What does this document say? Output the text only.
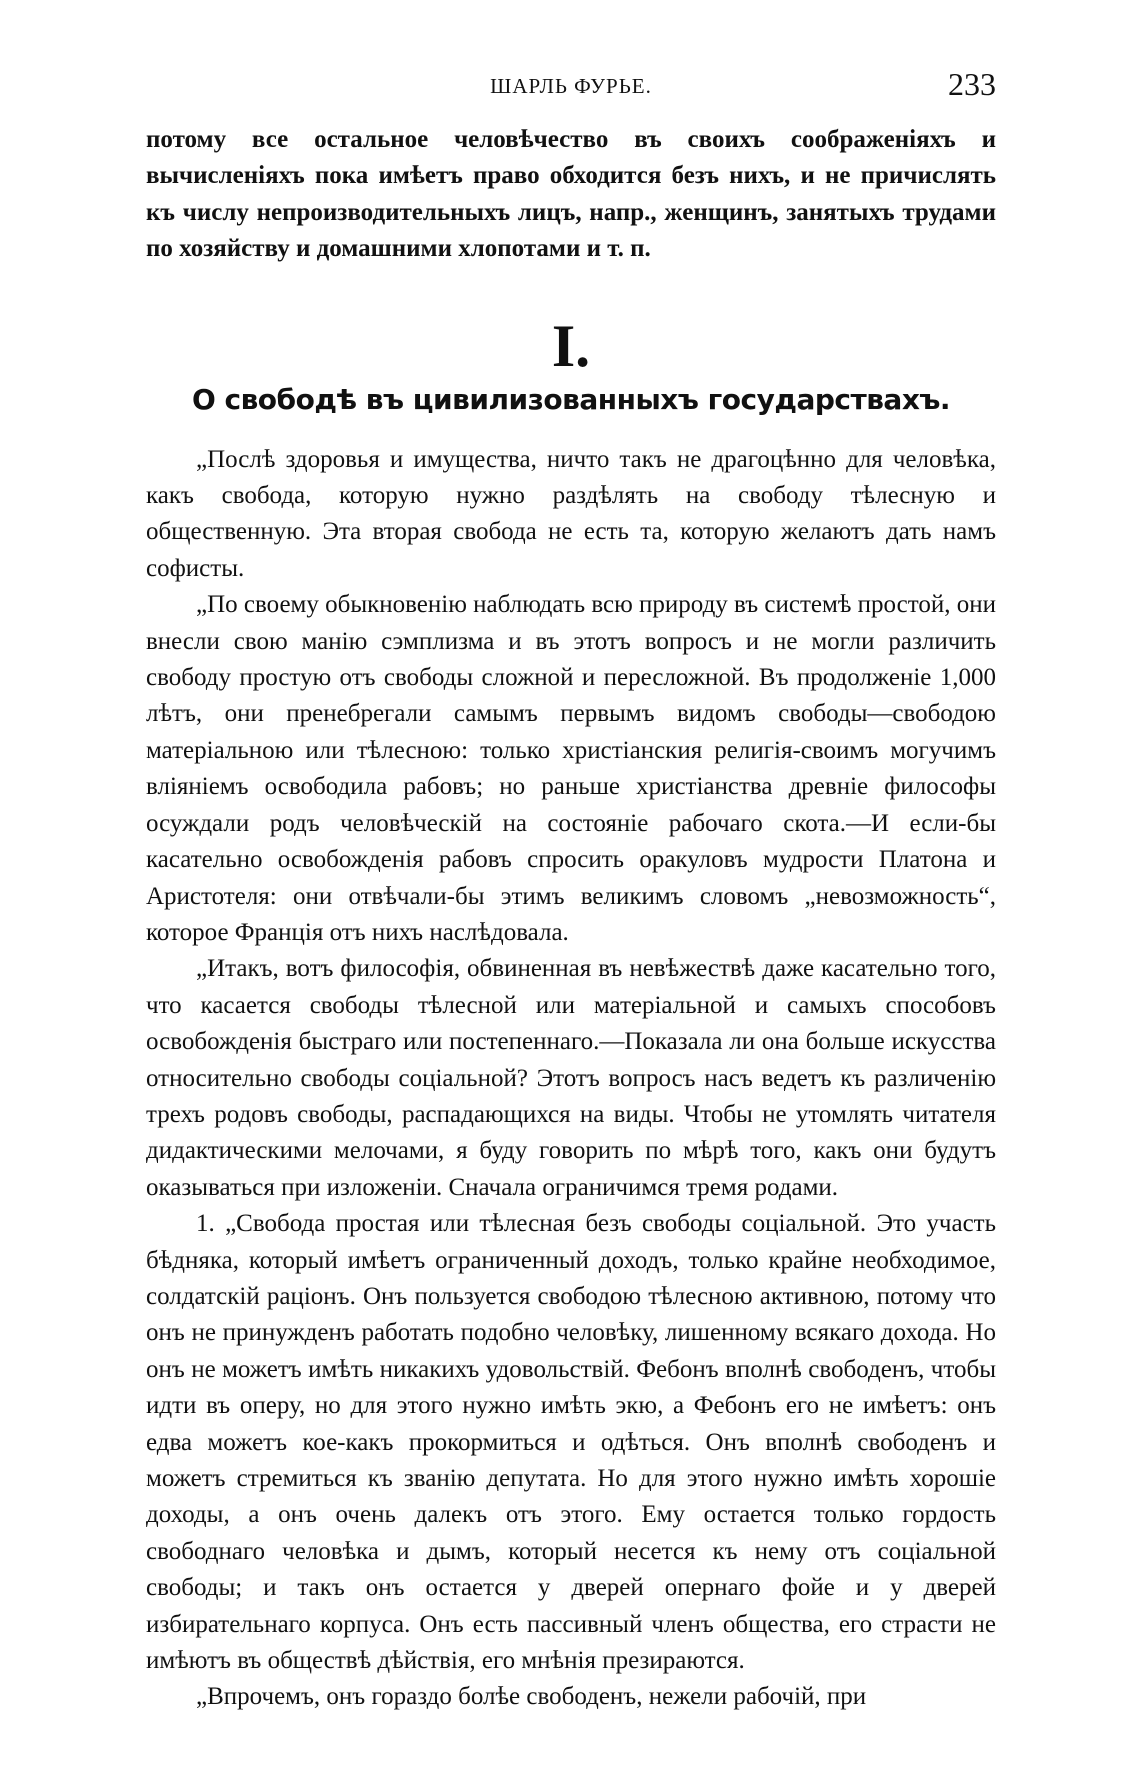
ШАРЛЬ ФУРЬЕ.	233

потому все остальное человѣчество въ своихъ соображеніяхъ и вычисленіяхъ пока имѣетъ право обходится безъ нихъ, и не причислять къ числу непроизводительныхъ лицъ, напр., женщинъ, занятыхъ трудами по хозяйству и домашними хлопотами и т. п.

I.
О свободѣ въ цивилизованныхъ государствахъ.

„Послѣ здоровья и имущества, ничто такъ не драгоцѣнно для человѣка, какъ свобода, которую нужно раздѣлять на свободу тѣлесную и общественную. Эта вторая свобода не есть та, которую желаютъ дать намъ софисты.

„По своему обыкновенію наблюдать всю природу въ системѣ простой, они внесли свою манію сэмплизма и въ этотъ вопросъ и не могли различить свободу простую отъ свободы сложной и пересложной. Въ продолженіе 1,000 лѣтъ, они пренебрегали самымъ первымъ видомъ свободы—свободою матеріальною или тѣлесною: только христіанския религія-своимъ могучимъ вліяніемъ освободила рабовъ; но раньше христіанства древніе философы осуждали родъ человѣческій на состояніе рабочаго скота.—И если-бы касательно освобожденія рабовъ спросить оракуловъ мудрости Платона и Аристотеля: они отвѣчали-бы этимъ великимъ словомъ „невозможность“, которое Франція отъ нихъ наслѣдовала.

„Итакъ, вотъ философія, обвиненная въ невѣжествѣ даже касательно того, что касается свободы тѣлесной или матеріальной и самыхъ способовъ освобожденія быстраго или постепеннаго.—Показала ли она больше искусства относительно свободы соціальной? Этотъ вопросъ насъ ведетъ къ различенію трехъ родовъ свободы, распадающихся на виды. Чтобы не утомлять читателя дидактическими мелочами, я буду говорить по мѣрѣ того, какъ они будутъ оказываться при изложеніи. Сначала ограничимся тремя родами.

1. „Свобода простая или тѣлесная безъ свободы соціальной. Это участь бѣдняка, который имѣетъ ограниченный доходъ, только крайне необходимое, солдатскій раціонъ. Онъ пользуется свободою тѣлесною активною, потому что онъ не принужденъ работать подобно человѣку, лишенному всякаго дохода. Но онъ не можетъ имѣть никакихъ удовольствій. Фебонъ вполнѣ свободенъ, чтобы идти въ оперу, но для этого нужно имѣть экю, а Фебонъ его не имѣетъ: онъ едва можетъ кое-какъ прокормиться и одѣться. Онъ вполнѣ свободенъ и можетъ стремиться къ званію депутата. Но для этого нужно имѣть хорошіе доходы, а онъ очень далекъ отъ этого. Ему остается только гордость свободнаго человѣка и дымъ, который несется къ нему отъ соціальной свободы; и такъ онъ остается у дверей опернаго фойе и у дверей избирательнаго корпуса. Онъ есть пассивный членъ общества, его страсти не имѣютъ въ обществѣ дѣйствія, его мнѣнія презираются.

„Впрочемъ, онъ гораздо болѣе свободенъ, нежели рабочій, при
